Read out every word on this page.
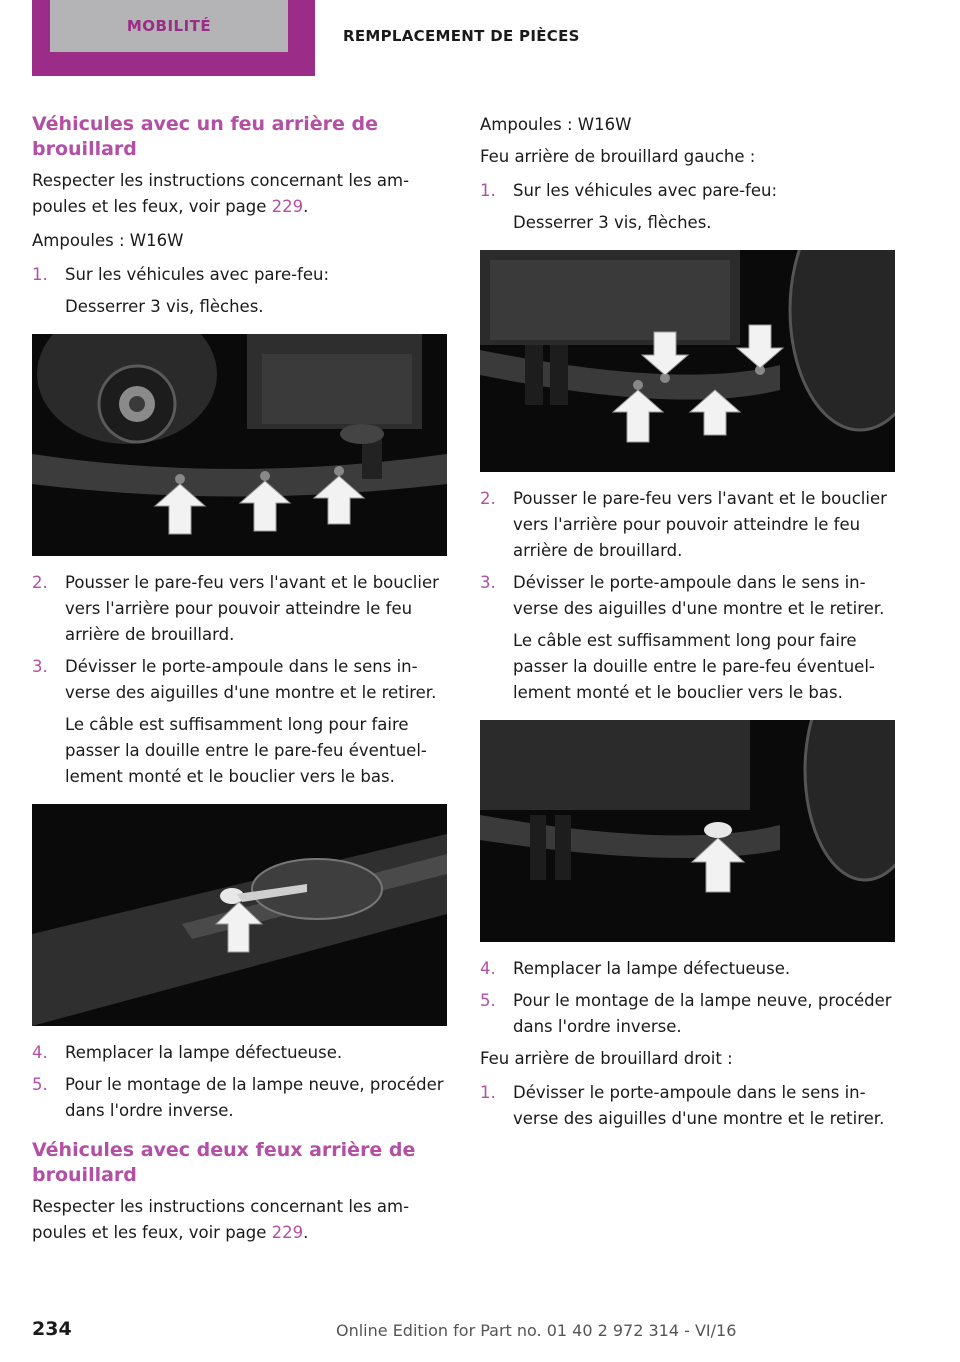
MOBILITÉ
REMPLACEMENT DE PIÈCES
Véhicules avec un feu arrière de brouillard
Respecter les instructions concernant les ampoules et les feux, voir page 229.
Ampoules : W16W
1.	Sur les véhicules avec pare-feu:
Desserrer 3 vis, flèches.
2.	Pousser le pare-feu vers l'avant et le bouclier vers l'arrière pour pouvoir atteindre le feu arrière de brouillard.
3.	Dévisser le porte-ampoule dans le sens inverse des aiguilles d'une montre et le retirer.
Le câble est suffisamment long pour faire passer la douille entre le pare-feu éventuellement monté et le bouclier vers le bas.
4.	Remplacer la lampe défectueuse.
5.	Pour le montage de la lampe neuve, procéder dans l'ordre inverse.
Véhicules avec deux feux arrière de brouillard
Respecter les instructions concernant les ampoules et les feux, voir page 229.
Ampoules : W16W
Feu arrière de brouillard gauche :
1.	Sur les véhicules avec pare-feu:
Desserrer 3 vis, flèches.
2.	Pousser le pare-feu vers l'avant et le bouclier vers l'arrière pour pouvoir atteindre le feu arrière de brouillard.
3.	Dévisser le porte-ampoule dans le sens inverse des aiguilles d'une montre et le retirer.
Le câble est suffisamment long pour faire passer la douille entre le pare-feu éventuellement monté et le bouclier vers le bas.
4.	Remplacer la lampe défectueuse.
5.	Pour le montage de la lampe neuve, procéder dans l'ordre inverse.
Feu arrière de brouillard droit :
1.	Dévisser le porte-ampoule dans le sens inverse des aiguilles d'une montre et le retirer.
234	Online Edition for Part no. 01 40 2 972 314 - VI/16
